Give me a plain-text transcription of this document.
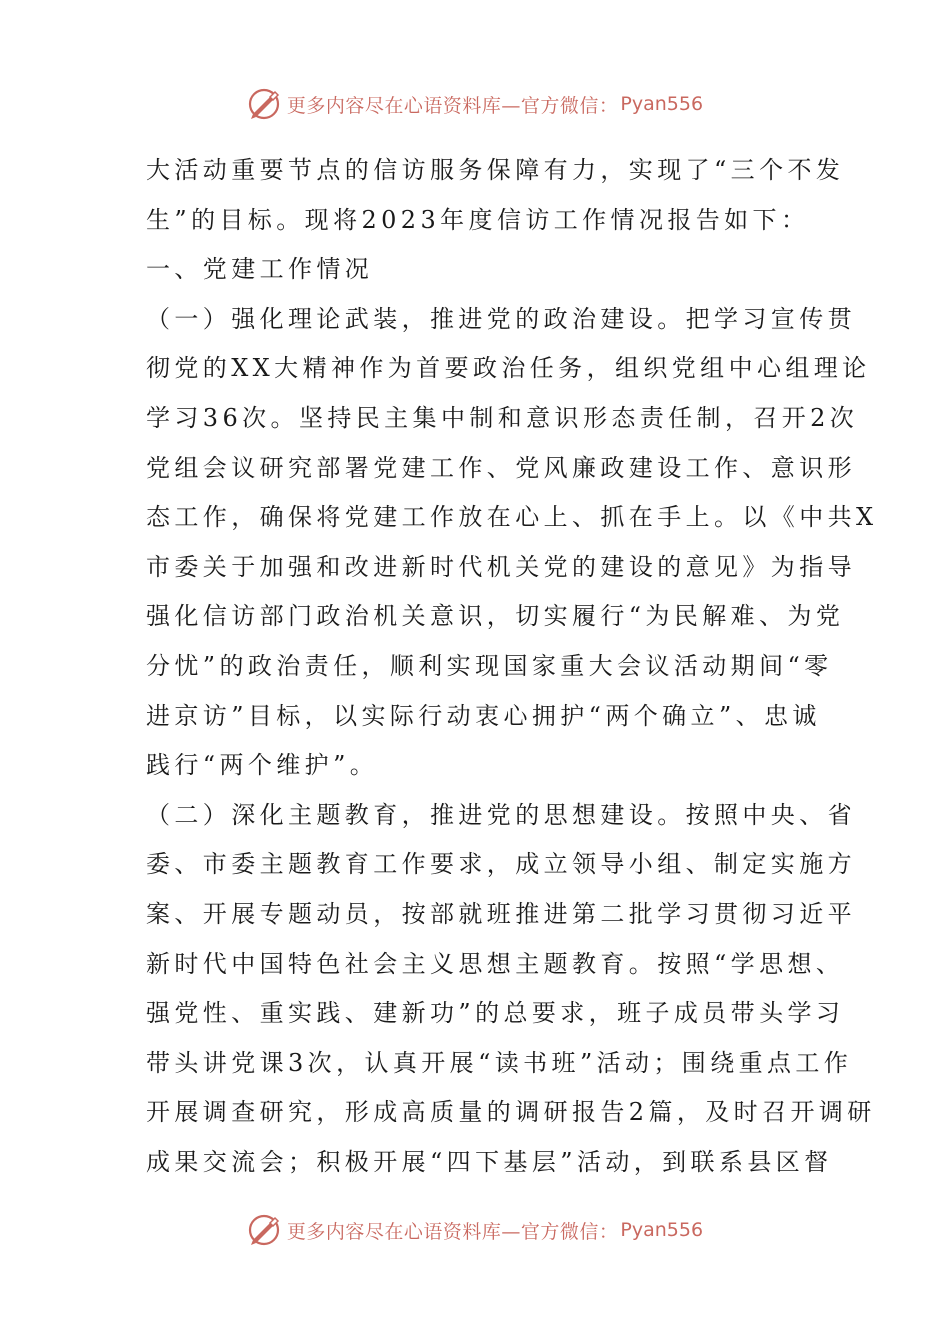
更多内容尽在心语资料库—官方微信： Pyan556
大活动重要节点的信访服务保障有力，实现了“三个不发
生”的目标。现将2023年度信访工作情况报告如下：
一、党建工作情况
（一）强化理论武装，推进党的政治建设。把学习宣传贯
彻党的XX大精神作为首要政治任务，组织党组中心组理论
学习36次。坚持民主集中制和意识形态责任制，召开2次
党组会议研究部署党建工作、党风廉政建设工作、意识形
态工作，确保将党建工作放在心上、抓在手上。以《中共X
市委关于加强和改进新时代机关党的建设的意见》为指导
强化信访部门政治机关意识，切实履行“为民解难、为党
分忧”的政治责任，顺利实现国家重大会议活动期间“零
进京访”目标，以实际行动衷心拥护“两个确立”、忠诚
践行“两个维护”。
（二）深化主题教育，推进党的思想建设。按照中央、省
委、市委主题教育工作要求，成立领导小组、制定实施方
案、开展专题动员，按部就班推进第二批学习贯彻习近平
新时代中国特色社会主义思想主题教育。按照“学思想、
强党性、重实践、建新功”的总要求，班子成员带头学习
带头讲党课3次，认真开展“读书班”活动；围绕重点工作
开展调查研究，形成高质量的调研报告2篇，及时召开调研
成果交流会；积极开展“四下基层”活动，到联系县区督
更多内容尽在心语资料库—官方微信： Pyan556
